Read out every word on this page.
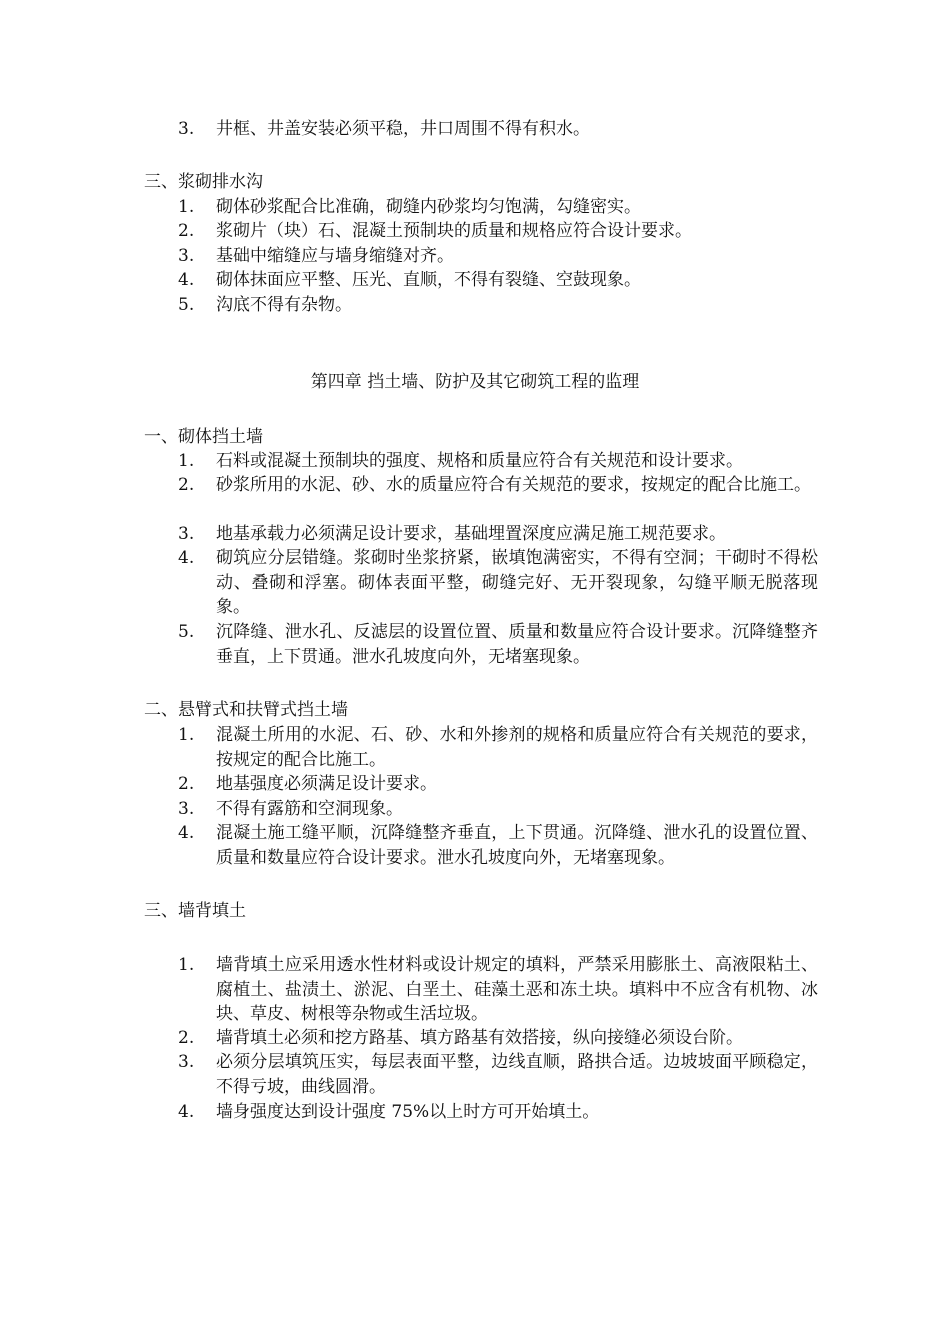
3.	井框、井盖安装必须平稳，井口周围不得有积水。
三、浆砌排水沟
1.	砌体砂浆配合比准确，砌缝内砂浆均匀饱满，勾缝密实。
2.	浆砌片（块）石、混凝土预制块的质量和规格应符合设计要求。
3.	基础中缩缝应与墙身缩缝对齐。
4.	砌体抹面应平整、压光、直顺，不得有裂缝、空鼓现象。
5.	沟底不得有杂物。
第四章 挡土墙、防护及其它砌筑工程的监理
一、砌体挡土墙
1.	石料或混凝土预制块的强度、规格和质量应符合有关规范和设计要求。
2.	砂浆所用的水泥、砂、水的质量应符合有关规范的要求，按规定的配合比施工。
3.	地基承载力必须满足设计要求，基础埋置深度应满足施工规范要求。
4.	砌筑应分层错缝。浆砌时坐浆挤紧，嵌填饱满密实，不得有空洞；干砌时不得松动、叠砌和浮塞。砌体表面平整，砌缝完好、无开裂现象，勾缝平顺无脱落现象。
5.	沉降缝、泄水孔、反滤层的设置位置、质量和数量应符合设计要求。沉降缝整齐垂直，上下贯通。泄水孔坡度向外，无堵塞现象。
二、悬臂式和扶臂式挡土墙
1.	混凝土所用的水泥、石、砂、水和外掺剂的规格和质量应符合有关规范的要求，按规定的配合比施工。
2.	地基强度必须满足设计要求。
3.	不得有露筋和空洞现象。
4.	混凝土施工缝平顺，沉降缝整齐垂直，上下贯通。沉降缝、泄水孔的设置位置、质量和数量应符合设计要求。泄水孔坡度向外，无堵塞现象。
三、墙背填土
1.	墙背填土应采用透水性材料或设计规定的填料，严禁采用膨胀土、高液限粘土、腐植土、盐渍土、淤泥、白垩土、硅藻土恶和冻土块。填料中不应含有机物、冰块、草皮、树根等杂物或生活垃圾。
2.	墙背填土必须和挖方路基、填方路基有效搭接，纵向接缝必须设台阶。
3.	必须分层填筑压实，每层表面平整，边线直顺，路拱合适。边坡坡面平顾稳定，不得亏坡，曲线圆滑。
4.	墙身强度达到设计强度 75%以上时方可开始填土。
